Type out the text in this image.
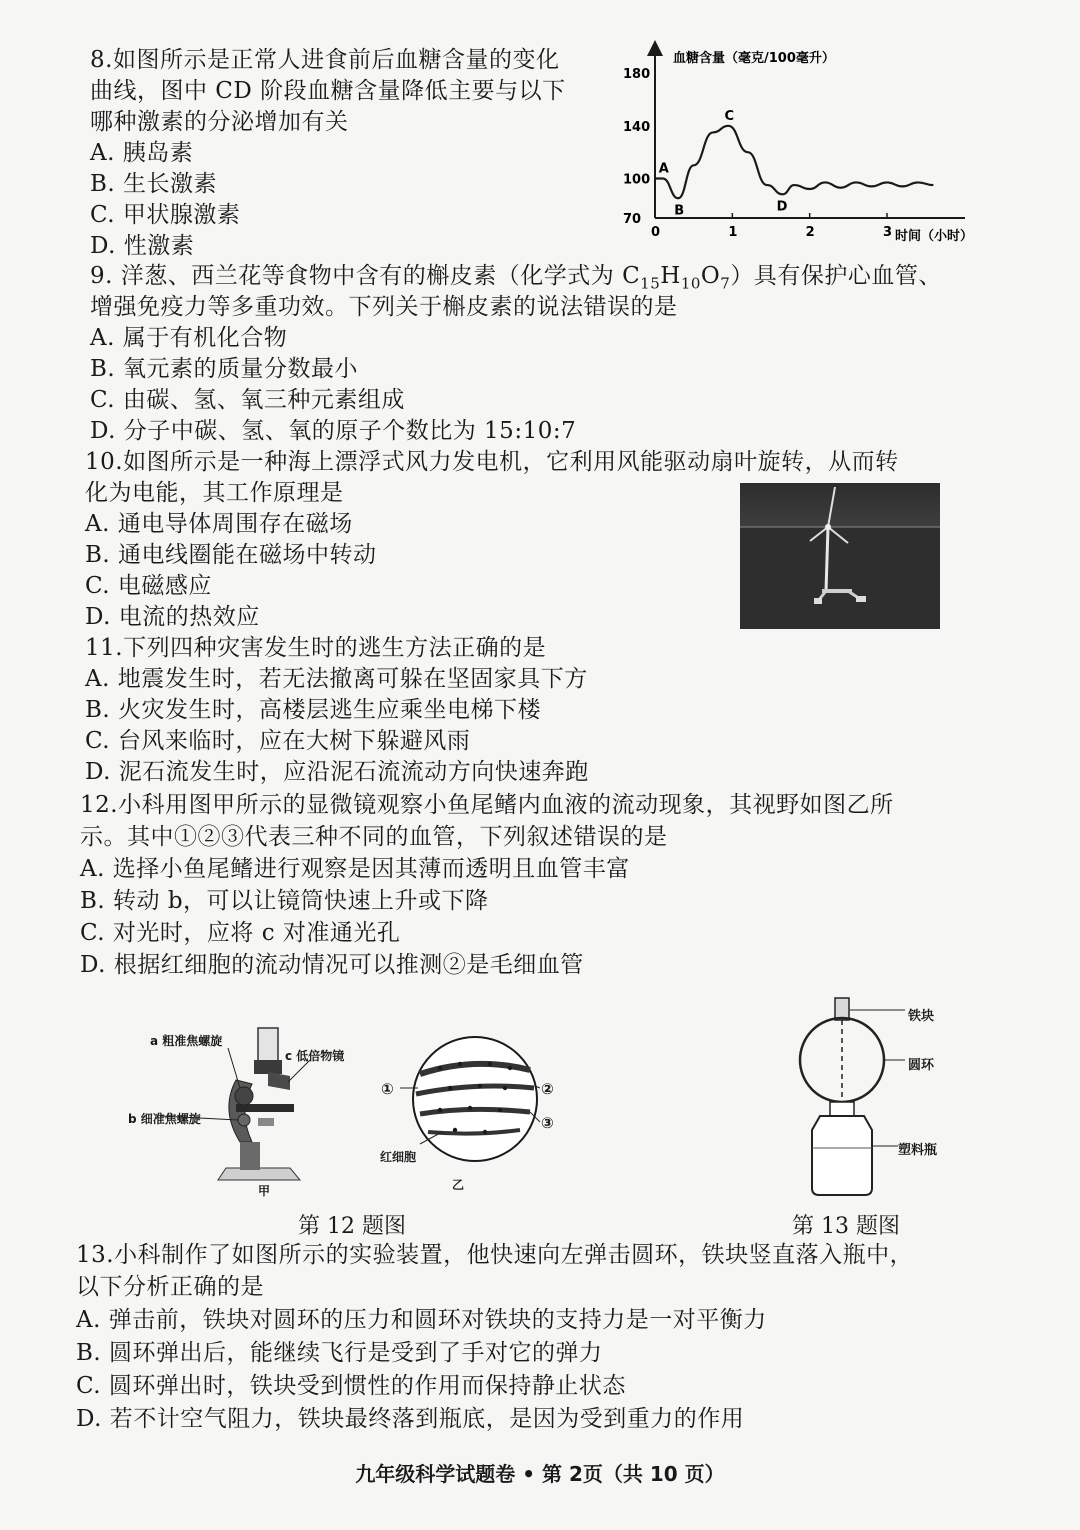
8.如图所示是正常人进食前后血糖含量的变化
曲线，图中 CD 阶段血糖含量降低主要与以下
哪种激素的分泌增加有关
A. 胰岛素
B. 生长激素
C. 甲状腺激素
D. 性激素
血糖含量（毫克/100毫升）
时间（小时）
70
100
140
180
0	1	2	3
A
B
C
D
9. 洋葱、西兰花等食物中含有的槲皮素（化学式为 $C_{15}H_{10}O_7$）具有保护心血管、
增强免疫力等多重功效。下列关于槲皮素的说法错误的是
A. 属于有机化合物
B. 氧元素的质量分数最小
C. 由碳、氢、氧三种元素组成
D. 分子中碳、氢、氧的原子个数比为 15:10:7
10.如图所示是一种海上漂浮式风力发电机，它利用风能驱动扇叶旋转，从而转
化为电能，其工作原理是
A. 通电导体周围存在磁场
B. 通电线圈能在磁场中转动
C. 电磁感应
D. 电流的热效应
11.下列四种灾害发生时的逃生方法正确的是
A. 地震发生时，若无法撤离可躲在坚固家具下方
B. 火灾发生时，高楼层逃生应乘坐电梯下楼
C. 台风来临时，应在大树下躲避风雨
D. 泥石流发生时，应沿泥石流流动方向快速奔跑
12.小科用图甲所示的显微镜观察小鱼尾鳍内血液的流动现象，其视野如图乙所
示。其中①②③代表三种不同的血管，下列叙述错误的是
A. 选择小鱼尾鳍进行观察是因其薄而透明且血管丰富
B. 转动 b，可以让镜筒快速上升或下降
C. 对光时，应将 c 对准通光孔
D. 根据红细胞的流动情况可以推测②是毛细血管
a 粗准焦螺旋
c 低倍物镜
b 细准焦螺旋
甲
①	②
③
红细胞
乙
第 12 题图
铁块
圆环
塑料瓶
第 13 题图
13.小科制作了如图所示的实验装置，他快速向左弹击圆环，铁块竖直落入瓶中，
以下分析正确的是
A. 弹击前，铁块对圆环的压力和圆环对铁块的支持力是一对平衡力
B. 圆环弹出后，能继续飞行是受到了手对它的弹力
C. 圆环弹出时，铁块受到惯性的作用而保持静止状态
D. 若不计空气阻力，铁块最终落到瓶底，是因为受到重力的作用
九年级科学试题卷 • 第 2页（共 10 页）
